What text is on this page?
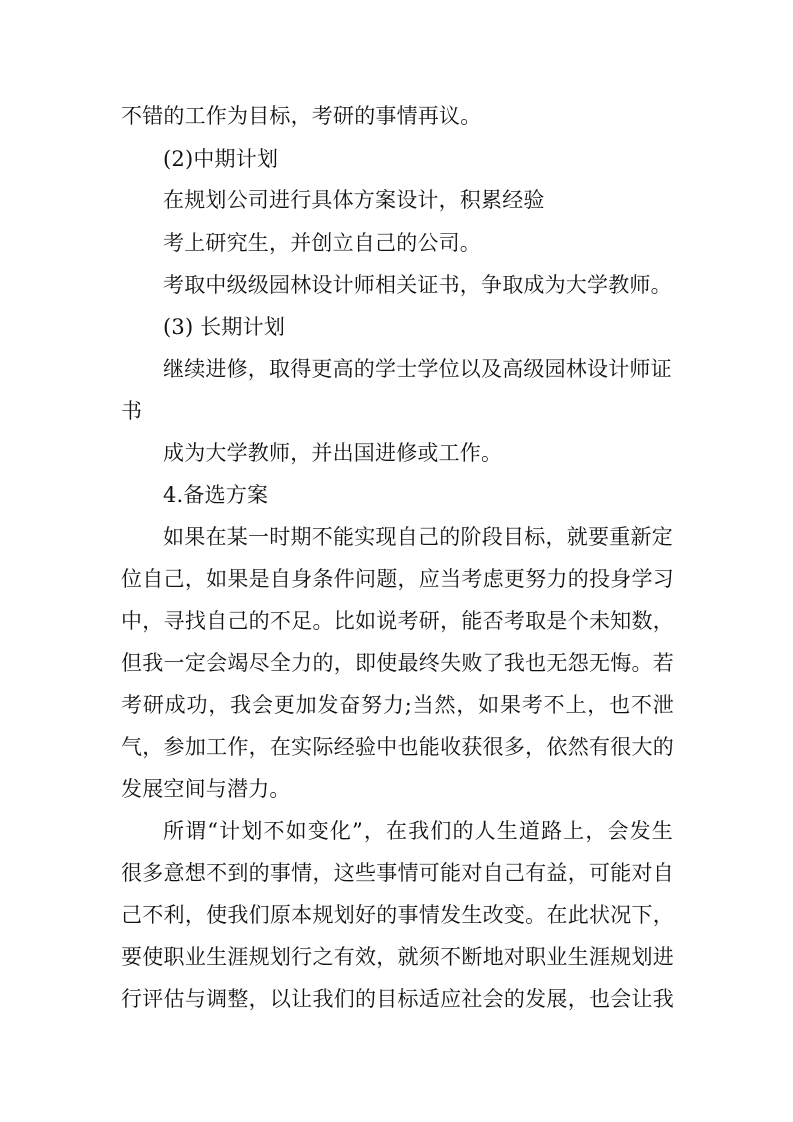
不错的工作为目标，考研的事情再议。
(2)中期计划
在规划公司进行具体方案设计，积累经验
考上研究生，并创立自己的公司。
考取中级级园林设计师相关证书，争取成为大学教师。
(3) 长期计划
继续进修，取得更高的学士学位以及高级园林设计师证
书
成为大学教师，并出国进修或工作。
4.备选方案
如果在某一时期不能实现自己的阶段目标，就要重新定
位自己，如果是自身条件问题，应当考虑更努力的投身学习
中，寻找自己的不足。比如说考研，能否考取是个未知数，
但我一定会竭尽全力的，即使最终失败了我也无怨无悔。若
考研成功，我会更加发奋努力;当然，如果考不上，也不泄
气，参加工作，在实际经验中也能收获很多，依然有很大的
发展空间与潜力。
所谓“计划不如变化”，在我们的人生道路上，会发生
很多意想不到的事情，这些事情可能对自己有益，可能对自
己不利，使我们原本规划好的事情发生改变。在此状况下，
要使职业生涯规划行之有效，就须不断地对职业生涯规划进
行评估与调整，以让我们的目标适应社会的发展，也会让我
